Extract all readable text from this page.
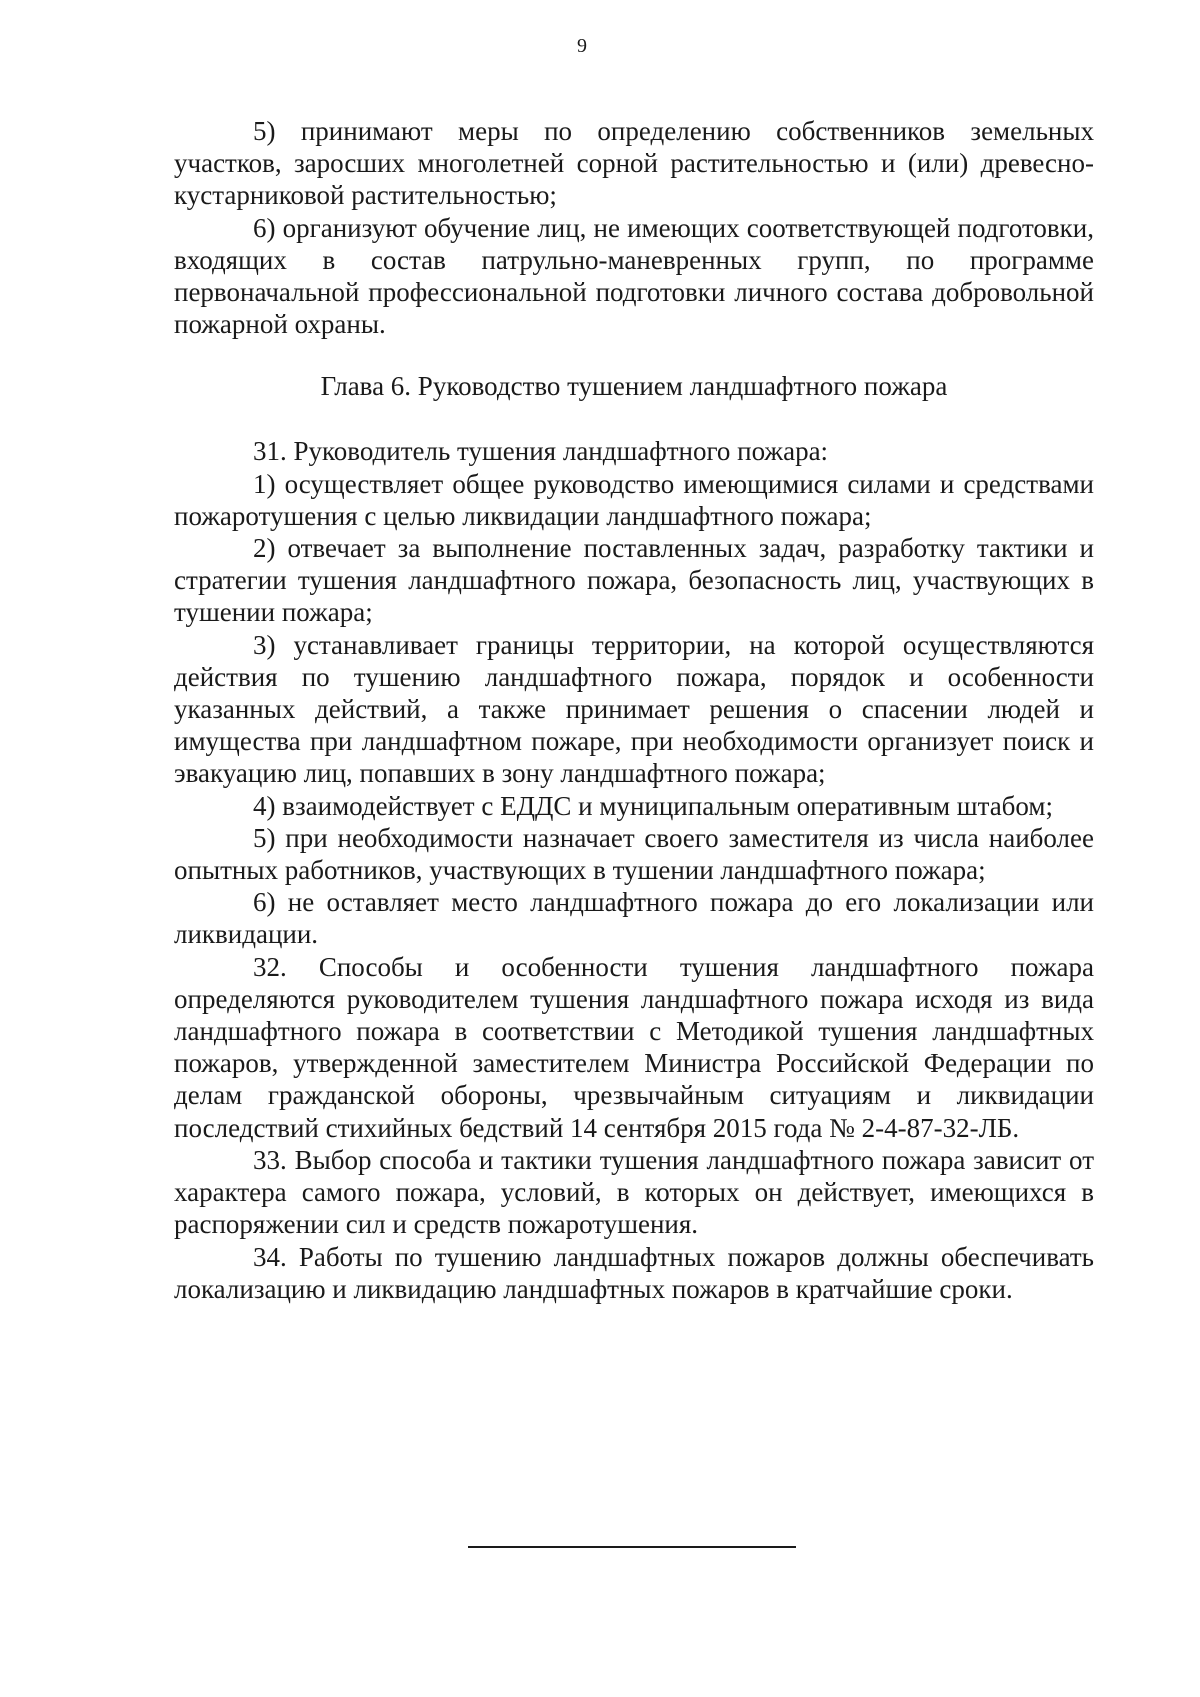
9

5) принимают меры по определению собственников земельных участков, заросших многолетней сорной растительностью и (или) древесно-кустарниковой растительностью;

6) организуют обучение лиц, не имеющих соответствующей подготовки, входящих в состав патрульно-маневренных групп, по программе первоначальной профессиональной подготовки личного состава добровольной пожарной охраны.

Глава 6. Руководство тушением ландшафтного пожара

31. Руководитель тушения ландшафтного пожара:

1) осуществляет общее руководство имеющимися силами и средствами пожаротушения с целью ликвидации ландшафтного пожара;

2) отвечает за выполнение поставленных задач, разработку тактики и стратегии тушения ландшафтного пожара, безопасность лиц, участвующих в тушении пожара;

3) устанавливает границы территории, на которой осуществляются действия по тушению ландшафтного пожара, порядок и особенности указанных действий, а также принимает решения о спасении людей и имущества при ландшафтном пожаре, при необходимости организует поиск и эвакуацию лиц, попавших в зону ландшафтного пожара;

4) взаимодействует с ЕДДС и муниципальным оперативным штабом;

5) при необходимости назначает своего заместителя из числа наиболее опытных работников, участвующих в тушении ландшафтного пожара;

6) не оставляет место ландшафтного пожара до его локализации или ликвидации.

32. Способы и особенности тушения ландшафтного пожара определяются руководителем тушения ландшафтного пожара исходя из вида ландшафтного пожара в соответствии с Методикой тушения ландшафтных пожаров, утвержденной заместителем Министра Российской Федерации по делам гражданской обороны, чрезвычайным ситуациям и ликвидации последствий стихийных бедствий 14 сентября 2015 года № 2-4-87-32-ЛБ.

33. Выбор способа и тактики тушения ландшафтного пожара зависит от характера самого пожара, условий, в которых он действует, имеющихся в распоряжении сил и средств пожаротушения.

34. Работы по тушению ландшафтных пожаров должны обеспечивать локализацию и ликвидацию ландшафтных пожаров в кратчайшие сроки.
